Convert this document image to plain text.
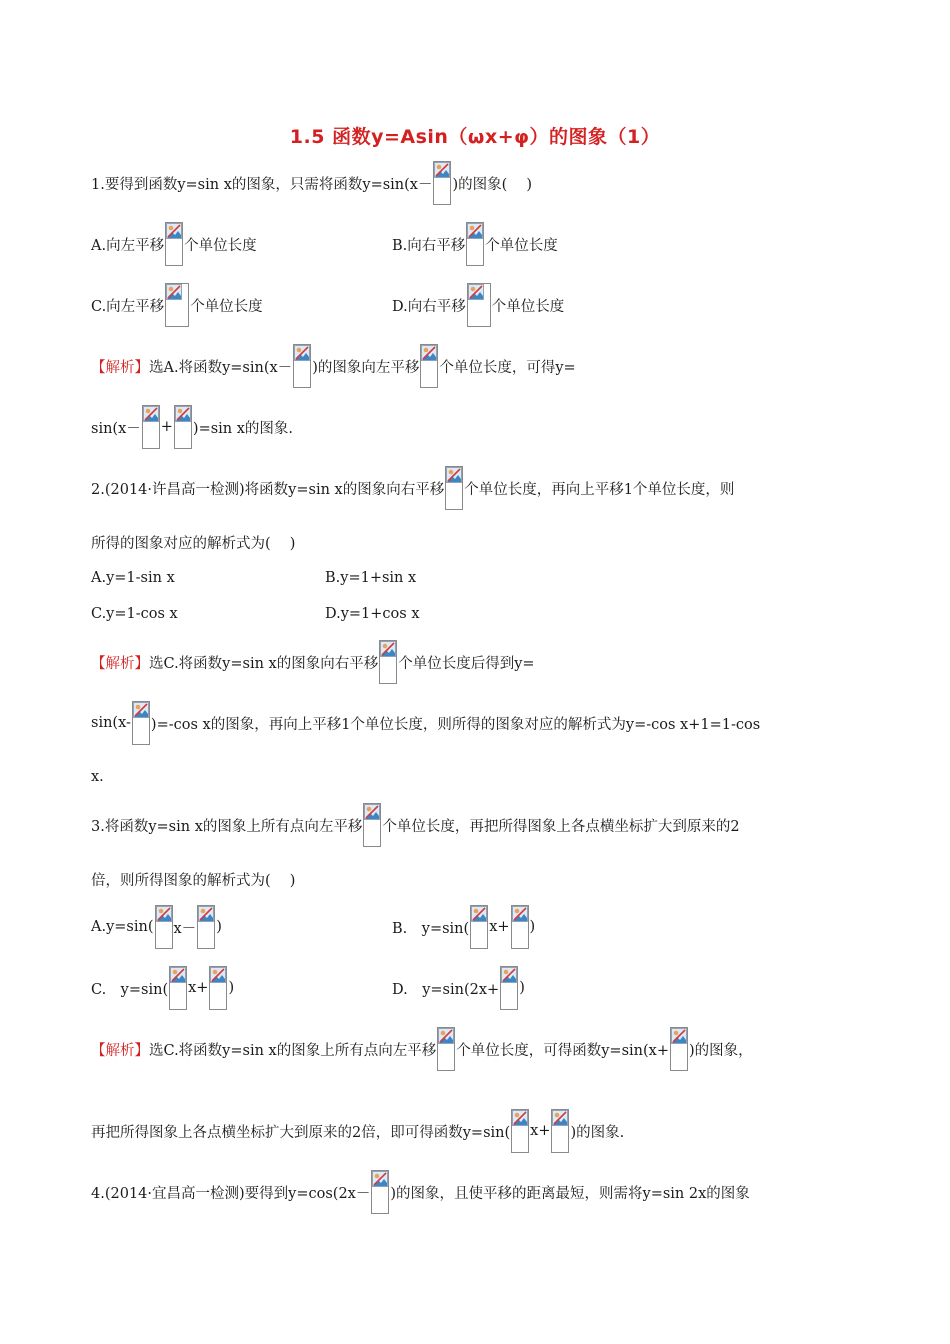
1.5 函数y=Asin（ωx+φ）的图象（1）
1.要得到函数y=sin x的图象，只需将函数y=sin(x－ )的图象(　 )
A.向左平移 个单位长度	B.向右平移 个单位长度
C.向左平移 个单位长度	D.向右平移 个单位长度
【解析】 选A.将函数y=sin(x－ )的图象向左平移 个单位长度，可得y=
sin(x－ + )=sin x的图象.
2.(2014·许昌高一检测)将函数y=sin x的图象向右平移 个单位长度，再向上平移1个单位长度，则
所得的图象对应的解析式为(　 )
A.y=1-sin x	B.y=1+sin x
C.y=1-cos x	D.y=1+cos x
【解析】 选C.将函数y=sin x的图象向右平移 个单位长度后得到y=
sin(x- )=-cos x的图象，再向上平移1个单位长度，则所得的图象对应的解析式为y=-cos x+1=1-cos
x.
3.将函数y=sin x的图象上所有点向左平移 个单位长度，再把所得图象上各点横坐标扩大到原来的2
倍，则所得图象的解析式为(　 )
A.y=sin( x－ )	B.　y=sin( x+ )
C.　y=sin( x+ )	D.　y=sin(2x+ )
【解析】 选C.将函数y=sin x的图象上所有点向左平移 个单位长度，可得函数y=sin(x+ )的图象，
再把所得图象上各点横坐标扩大到原来的2倍，即可得函数y=sin( x+ )的图象.
4.(2014·宜昌高一检测)要得到y=cos(2x－ )的图象，且使平移的距离最短，则需将y=sin 2x的图象
